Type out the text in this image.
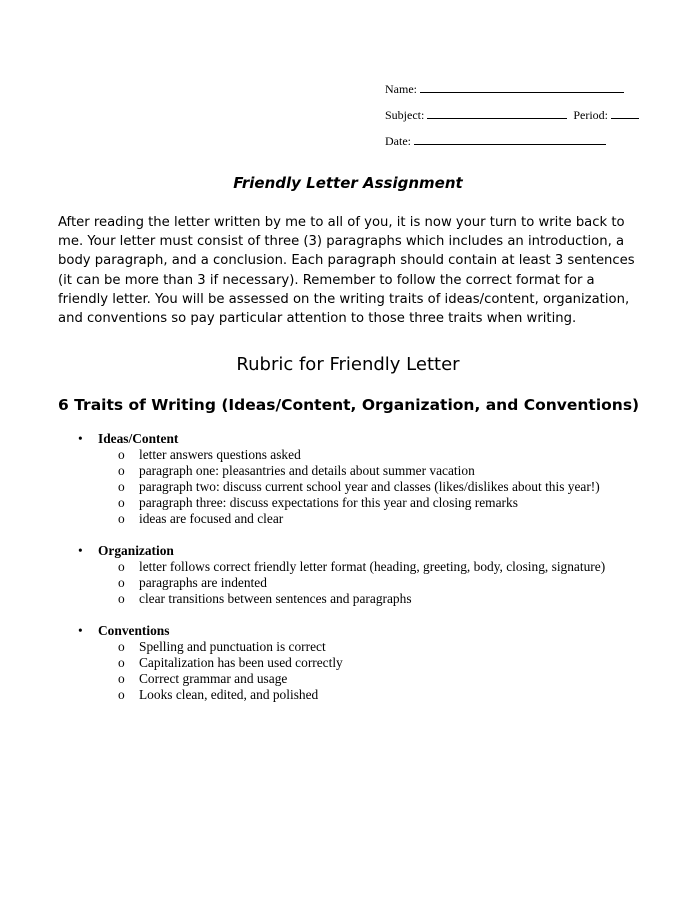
Name:
Subject:	Period:
Date:
Friendly Letter Assignment

After reading the letter written by me to all of you, it is now your turn to write back to me. Your letter must consist of three (3) paragraphs which includes an introduction, a body paragraph, and a conclusion. Each paragraph should contain at least 3 sentences (it can be more than 3 if necessary). Remember to follow the correct format for a friendly letter. You will be assessed on the writing traits of ideas/content, organization, and conventions so pay particular attention to those three traits when writing.

Rubric for Friendly Letter
6 Traits of Writing (Ideas/Content, Organization, and Conventions)
• Ideas/Content
o letter answers questions asked
o paragraph one: pleasantries and details about summer vacation
o paragraph two: discuss current school year and classes (likes/dislikes about this year!)
o paragraph three: discuss expectations for this year and closing remarks
o ideas are focused and clear
• Organization
o letter follows correct friendly letter format (heading, greeting, body, closing, signature)
o paragraphs are indented
o clear transitions between sentences and paragraphs
• Conventions
o Spelling and punctuation is correct
o Capitalization has been used correctly
o Correct grammar and usage
o Looks clean, edited, and polished
